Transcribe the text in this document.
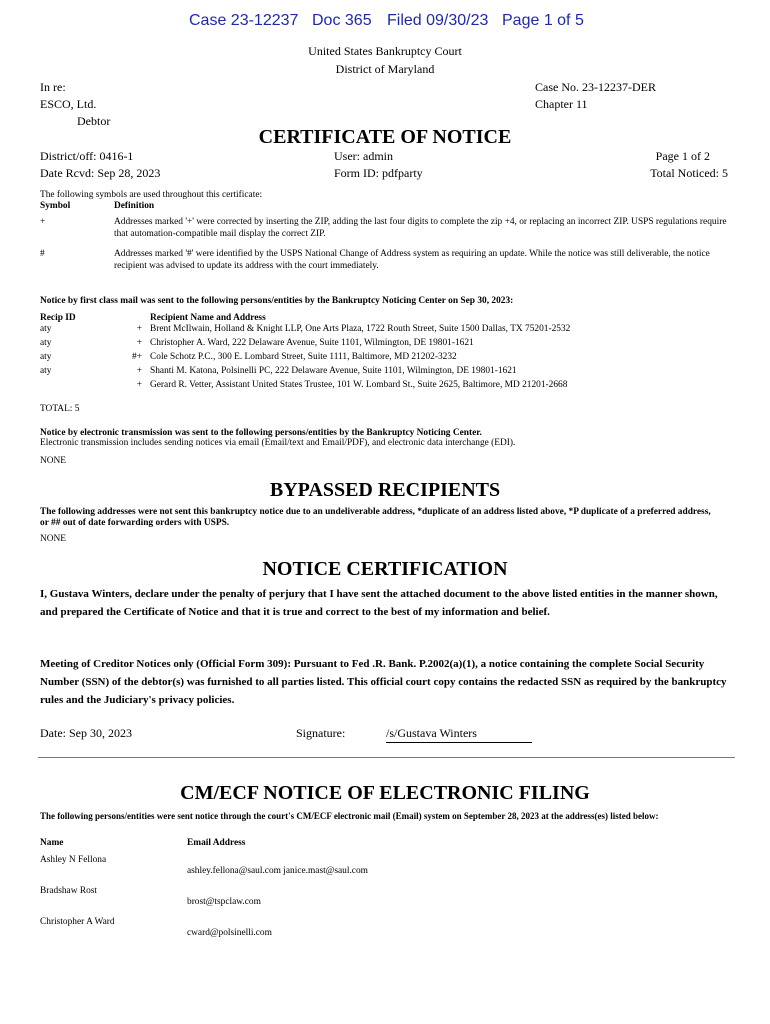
Case 23-12237 Doc 365 Filed 09/30/23 Page 1 of 5
United States Bankruptcy Court
District of Maryland
In re:
ESCO, Ltd.
Debtor
Case No. 23-12237-DER
Chapter 11
CERTIFICATE OF NOTICE
District/off: 0416-1
Date Rcvd: Sep 28, 2023
User: admin
Form ID: pdfparty
Page 1 of 2
Total Noticed: 5
The following symbols are used throughout this certificate:
Symbol	Definition
+	Addresses marked '+' were corrected by inserting the ZIP, adding the last four digits to complete the zip +4, or replacing an incorrect ZIP. USPS regulations require that automation-compatible mail display the correct ZIP.
#	Addresses marked '#' were identified by the USPS National Change of Address system as requiring an update. While the notice was still deliverable, the notice recipient was advised to update its address with the court immediately.
Notice by first class mail was sent to the following persons/entities by the Bankruptcy Noticing Center on Sep 30, 2023:
Recip ID	Recipient Name and Address
aty	+ Brent McIlwain, Holland & Knight LLP, One Arts Plaza, 1722 Routh Street, Suite 1500 Dallas, TX 75201-2532
aty	+ Christopher A. Ward, 222 Delaware Avenue, Suite 1101, Wilmington, DE 19801-1621
aty	#+ Cole Schotz P.C., 300 E. Lombard Street, Suite 1111, Baltimore, MD 21202-3232
aty	+ Shanti M. Katona, Polsinelli PC, 222 Delaware Avenue, Suite 1101, Wilmington, DE 19801-1621
+ Gerard R. Vetter, Assistant United States Trustee, 101 W. Lombard St., Suite 2625, Baltimore, MD 21201-2668
TOTAL: 5
Notice by electronic transmission was sent to the following persons/entities by the Bankruptcy Noticing Center.
Electronic transmission includes sending notices via email (Email/text and Email/PDF), and electronic data interchange (EDI).
NONE
BYPASSED RECIPIENTS
The following addresses were not sent this bankruptcy notice due to an undeliverable address, *duplicate of an address listed above, *P duplicate of a preferred address, or ## out of date forwarding orders with USPS.
NONE
NOTICE CERTIFICATION
I, Gustava Winters, declare under the penalty of perjury that I have sent the attached document to the above listed entities in the manner shown, and prepared the Certificate of Notice and that it is true and correct to the best of my information and belief.
Meeting of Creditor Notices only (Official Form 309): Pursuant to Fed .R. Bank. P.2002(a)(1), a notice containing the complete Social Security Number (SSN) of the debtor(s) was furnished to all parties listed. This official court copy contains the redacted SSN as required by the bankruptcy rules and the Judiciary's privacy policies.
Date: Sep 30, 2023	Signature:	/s/Gustava Winters
CM/ECF NOTICE OF ELECTRONIC FILING
The following persons/entities were sent notice through the court's CM/ECF electronic mail (Email) system on September 28, 2023 at the address(es) listed below:
Name	Email Address
Ashley N Fellona
ashley.fellona@saul.com janice.mast@saul.com
Bradshaw Rost
brost@tspclaw.com
Christopher A Ward
cward@polsinelli.com
